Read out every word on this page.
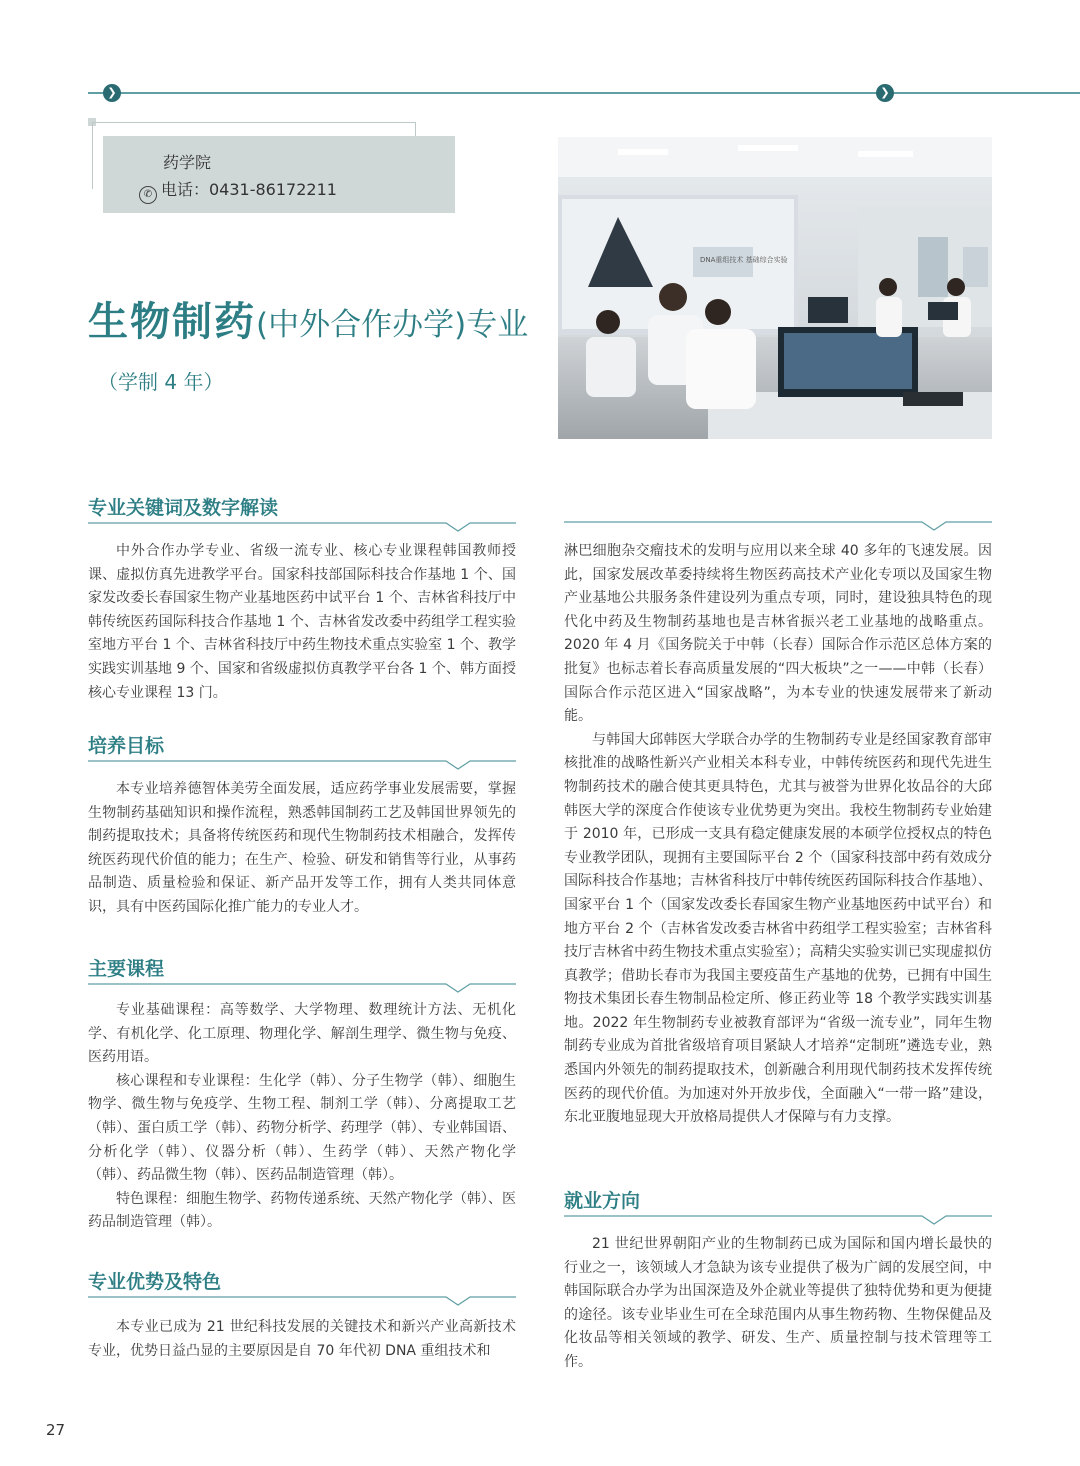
❯	❯
药学院
✆ 电话：0431-86172211
生物制药(中外合作办学)专业
（学制 4 年）
DNA重组技术 基础综合实验
专业关键词及数字解读

中外合作办学专业、省级一流专业、核心专业课程韩国教师授课、虚拟仿真先进教学平台。国家科技部国际科技合作基地 1 个、国家发改委长春国家生物产业基地医药中试平台 1 个、吉林省科技厅中韩传统医药国际科技合作基地 1 个、吉林省发改委中药组学工程实验室地方平台 1 个、吉林省科技厅中药生物技术重点实验室 1 个、教学实践实训基地 9 个、国家和省级虚拟仿真教学平台各 1 个、韩方面授核心专业课程 13 门。

培养目标

本专业培养德智体美劳全面发展，适应药学事业发展需要，掌握生物制药基础知识和操作流程，熟悉韩国制药工艺及韩国世界领先的制药提取技术；具备将传统医药和现代生物制药技术相融合，发挥传统医药现代价值的能力；在生产、检验、研发和销售等行业，从事药品制造、质量检验和保证、新产品开发等工作，拥有人类共同体意识，具有中医药国际化推广能力的专业人才。

主要课程

专业基础课程：高等数学、大学物理、数理统计方法、无机化学、有机化学、化工原理、物理化学、解剖生理学、微生物与免疫、医药用语。

核心课程和专业课程：生化学（韩）、分子生物学（韩）、细胞生物学、微生物与免疫学、生物工程、制剂工学（韩）、分离提取工艺（韩）、蛋白质工学（韩）、药物分析学、药理学（韩）、专业韩国语、分析化学（韩）、仪器分析（韩）、生药学（韩）、天然产物化学（韩）、药品微生物（韩）、医药品制造管理（韩）。

特色课程：细胞生物学、药物传递系统、天然产物化学（韩）、医药品制造管理（韩）。

专业优势及特色

本专业已成为 21 世纪科技发展的关键技术和新兴产业高新技术专业，优势日益凸显的主要原因是自 70 年代初 DNA 重组技术和

淋巴细胞杂交瘤技术的发明与应用以来全球 40 多年的飞速发展。因此，国家发展改革委持续将生物医药高技术产业化专项以及国家生物产业基地公共服务条件建设列为重点专项，同时，建设独具特色的现代化中药及生物制药基地也是吉林省振兴老工业基地的战略重点。2020 年 4 月《国务院关于中韩（长春）国际合作示范区总体方案的批复》也标志着长春高质量发展的“四大板块”之一——中韩（长春）国际合作示范区进入“国家战略”，为本专业的快速发展带来了新动能。

与韩国大邱韩医大学联合办学的生物制药专业是经国家教育部审核批准的战略性新兴产业相关本科专业，中韩传统医药和现代先进生物制药技术的融合使其更具特色，尤其与被誉为世界化妆品谷的大邱韩医大学的深度合作使该专业优势更为突出。我校生物制药专业始建于 2010 年，已形成一支具有稳定健康发展的本硕学位授权点的特色专业教学团队，现拥有主要国际平台 2 个（国家科技部中药有效成分国际科技合作基地；吉林省科技厅中韩传统医药国际科技合作基地）、国家平台 1 个（国家发改委长春国家生物产业基地医药中试平台）和地方平台 2 个（吉林省发改委吉林省中药组学工程实验室；吉林省科技厅吉林省中药生物技术重点实验室）；高精尖实验实训已实现虚拟仿真教学；借助长春市为我国主要疫苗生产基地的优势，已拥有中国生物技术集团长春生物制品检定所、修正药业等 18 个教学实践实训基地。2022 年生物制药专业被教育部评为“省级一流专业”，同年生物制药专业成为首批省级培育项目紧缺人才培养“定制班”遴选专业，熟悉国内外领先的制药提取技术，创新融合利用现代制药技术发挥传统医药的现代价值。为加速对外开放步伐，全面融入“一带一路”建设，东北亚腹地显现大开放格局提供人才保障与有力支撑。

就业方向

21 世纪世界朝阳产业的生物制药已成为国际和国内增长最快的行业之一，该领域人才急缺为该专业提供了极为广阔的发展空间，中韩国际联合办学为出国深造及外企就业等提供了独特优势和更为便捷的途径。该专业毕业生可在全球范围内从事生物药物、生物保健品及化妆品等相关领域的教学、研发、生产、质量控制与技术管理等工作。

27
